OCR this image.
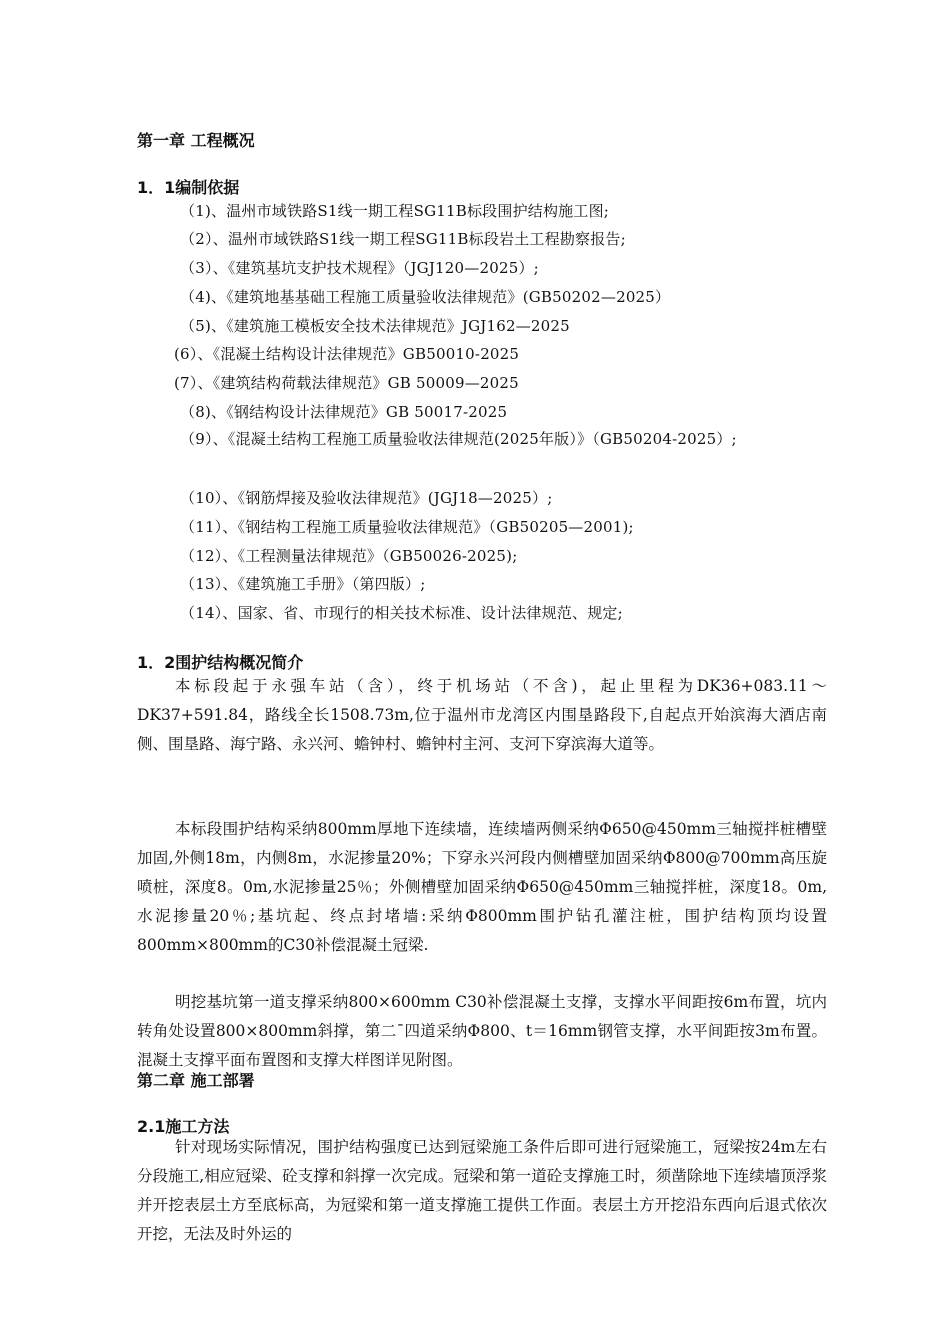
第一章 工程概况
1．1编制依据
（1)、温州市域铁路S1线一期工程SG11B标段围护结构施工图;
（2）、温州市域铁路S1线一期工程SG11B标段岩土工程勘察报告;
（3）、《建筑基坑支护技术规程》（JGJ120—2025）;
（4)、《建筑地基基础工程施工质量验收法律规范》(GB50202—2025）
（5)、《建筑施工模板安全技术法律规范》JGJ162—2025
(6）、《混凝土结构设计法律规范》GB50010-2025
(7）、《建筑结构荷载法律规范》GB 50009—2025
（8)、《钢结构设计法律规范》GB 50017-2025
（9）、《混凝土结构工程施工质量验收法律规范(2025年版）》（GB50204-2025）;
（10）、《钢筋焊接及验收法律规范》(JGJ18—2025）;
（11）、《钢结构工程施工质量验收法律规范》（GB50205—2001);
（12）、《工程测量法律规范》（GB50026-2025);
（13）、《建筑施工手册》（第四版）;
（14）、国家、省、市现行的相关技术标准、设计法律规范、规定;
1．2围护结构概况简介
本标段起于永强车站（含），终于机场站（不含)，起止里程为DK36+083.11～DK37+591.84，路线全长1508.73m,位于温州市龙湾区内围垦路段下,自起点开始滨海大酒店南侧、围垦路、海宁路、永兴河、蟾钟村、蟾钟村主河、支河下穿滨海大道等。
本标段围护结构采纳800mm厚地下连续墙，连续墙两侧采纳Φ650@450mm三轴搅拌桩槽壁加固,外侧18m，内侧8m，水泥掺量20%；下穿永兴河段内侧槽壁加固采纳Φ800@700mm高压旋喷桩，深度8。0m,水泥掺量25％；外侧槽壁加固采纳Φ650@450mm三轴搅拌桩，深度18。0m,水泥掺量20％;基坑起、终点封堵墙:采纳Φ800mm围护钻孔灌注桩，围护结构顶均设置800mm×800mm的C30补偿混凝土冠梁.
明挖基坑第一道支撑采纳800×600mm C30补偿混凝土支撑，支撑水平间距按6m布置，坑内转角处设置800×800mm斜撑，第二¯四道采纳Φ800、t＝16mm钢管支撑，水平间距按3m布置。混凝土支撑平面布置图和支撑大样图详见附图。
第二章 施工部署
2.1施工方法
针对现场实际情况，围护结构强度已达到冠梁施工条件后即可进行冠梁施工，冠梁按24m左右分段施工,相应冠梁、砼支撑和斜撑一次完成。冠梁和第一道砼支撑施工时，须凿除地下连续墙顶浮浆并开挖表层土方至底标高，为冠梁和第一道支撑施工提供工作面。表层土方开挖沿东西向后退式依次开挖，无法及时外运的
